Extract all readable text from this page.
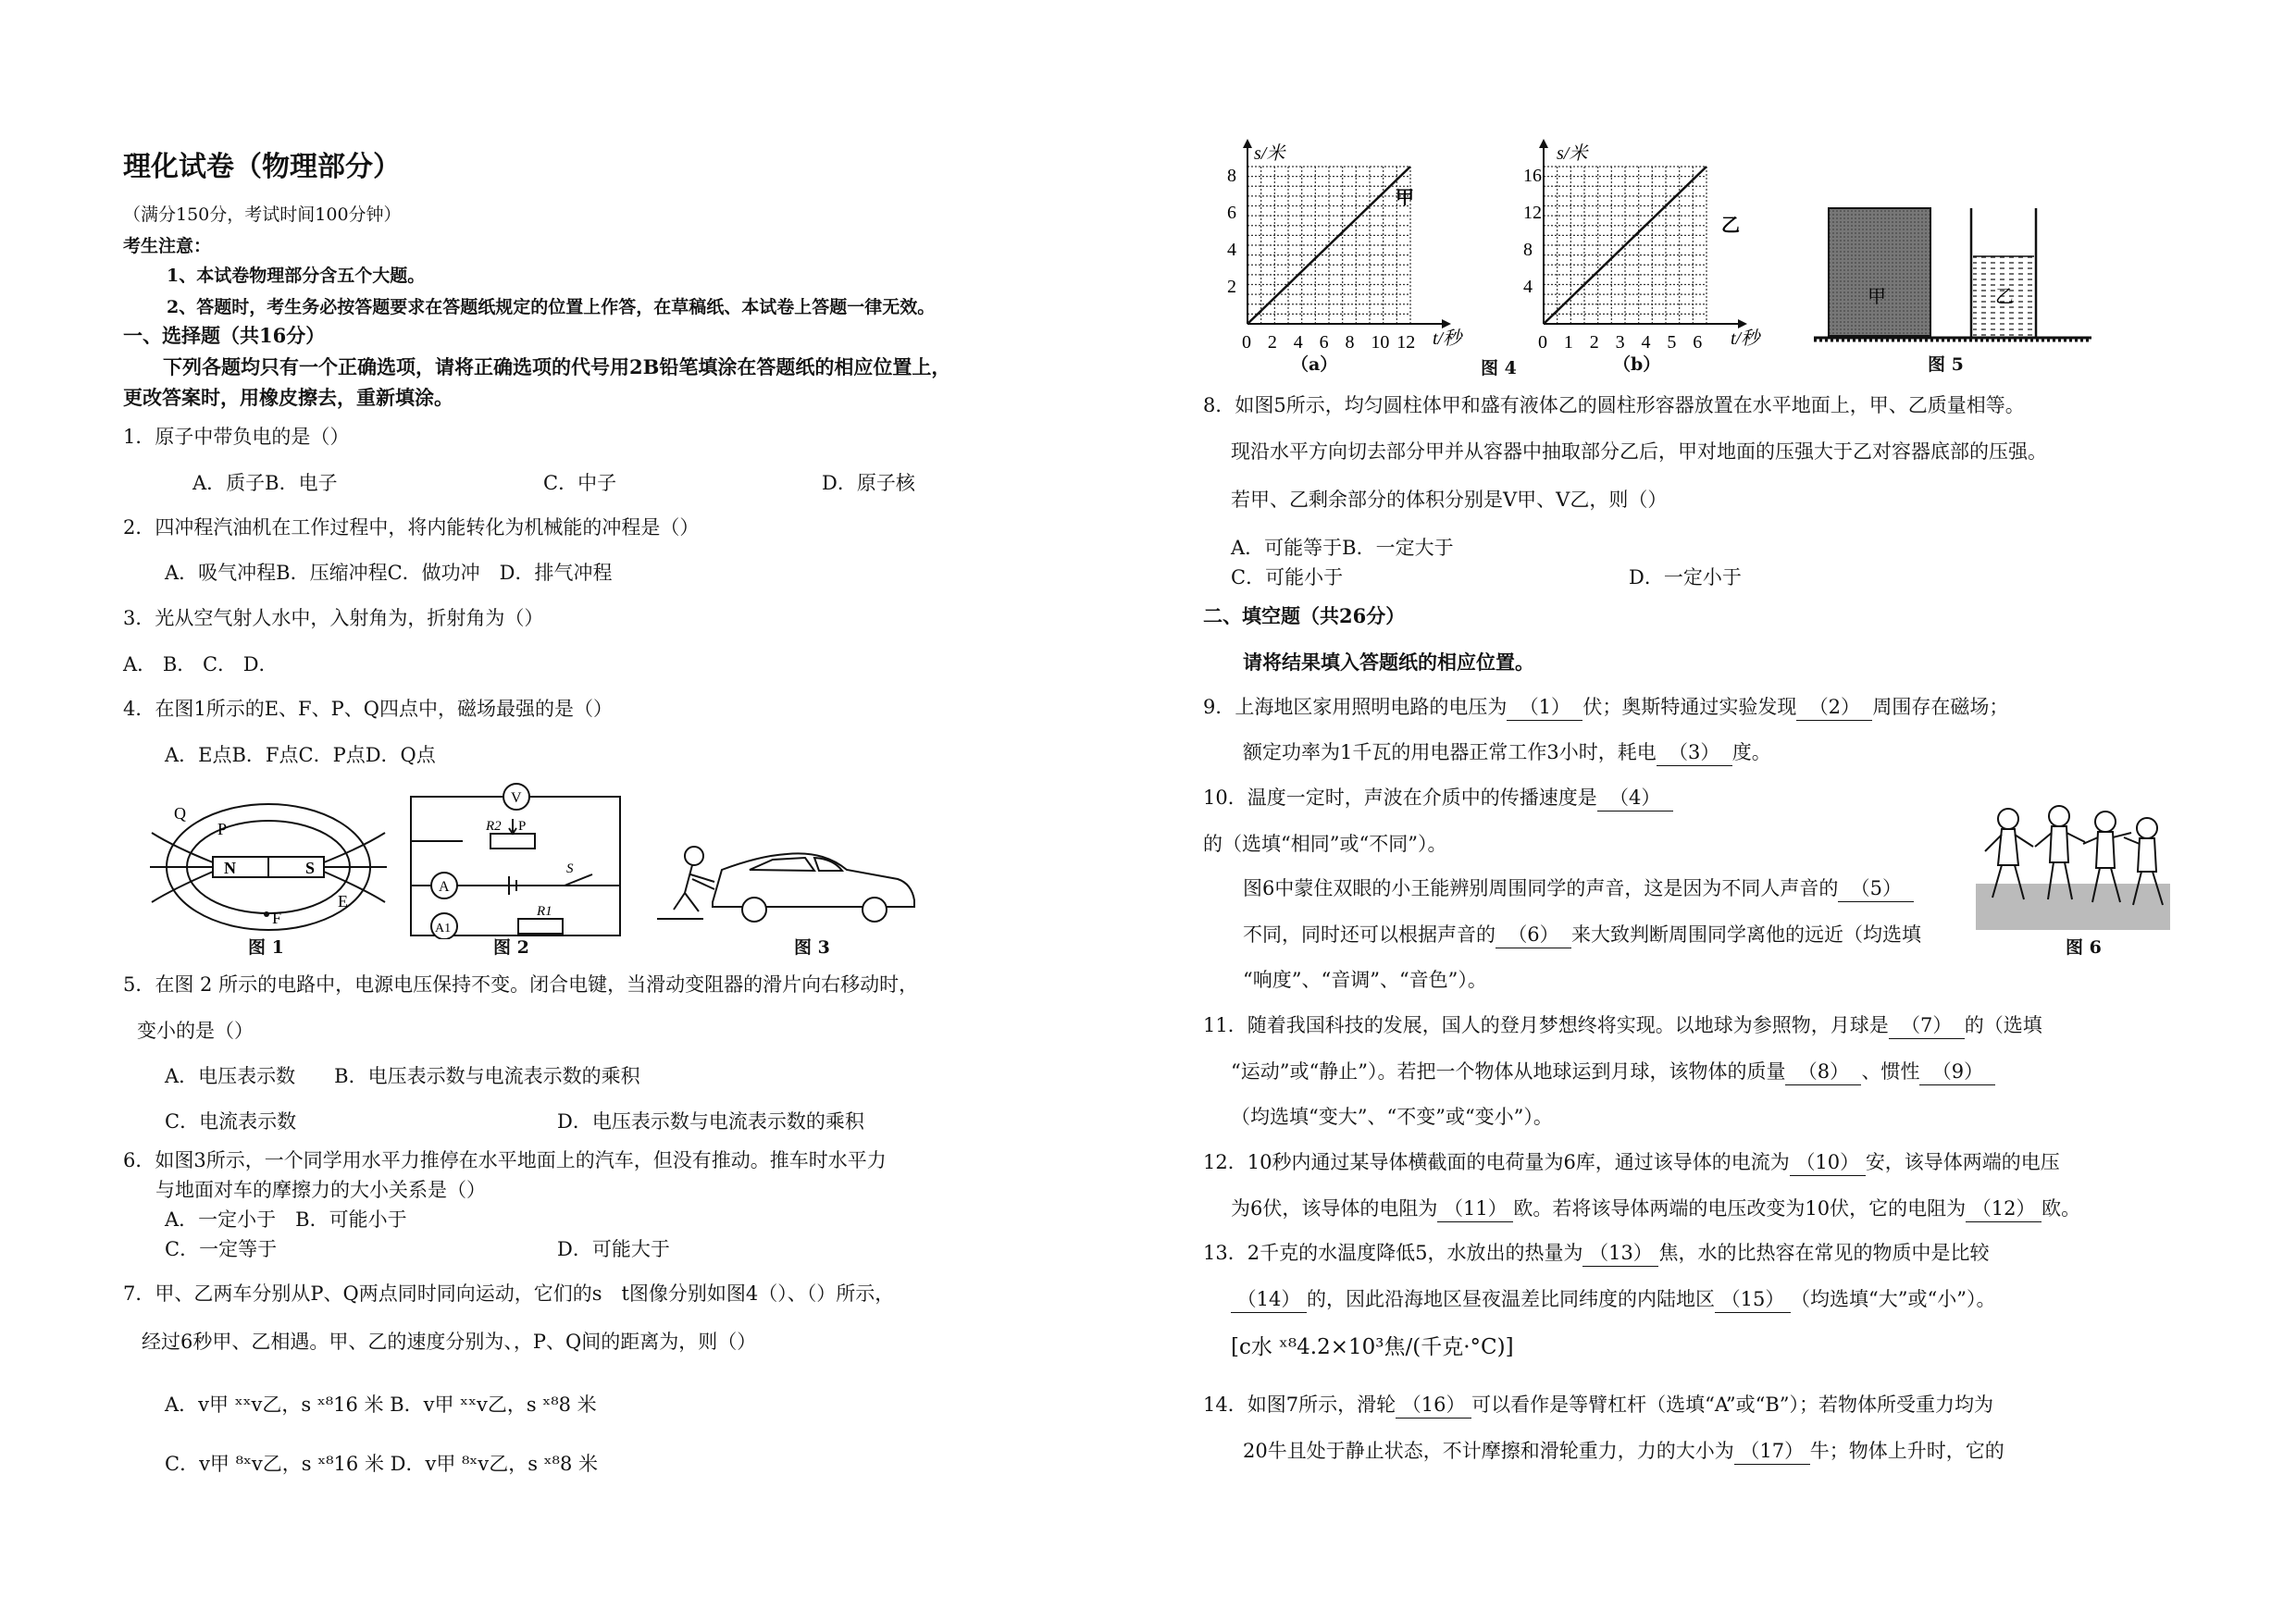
理化试卷（物理部分）
（满分150分，考试时间100分钟）
考生注意：
1、本试卷物理部分含五个大题。
2、答题时，考生务必按答题要求在答题纸规定的位置上作答，在草稿纸、本试卷上答题一律无效。
一、选择题（共16分）
下列各题均只有一个正确选项，请将正确选项的代号用2B铅笔填涂在答题纸的相应位置上，
更改答案时，用橡皮擦去，重新填涂。
1．原子中带负电的是（）
A．质子B．电子	C．中子	D．原子核
2．四冲程汽油机在工作过程中，将内能转化为机械能的冲程是（）
A．吸气冲程B．压缩冲程C．做功冲　D．排气冲程
3．光从空气射人水中，入射角为，折射角为（）
A． B． C． D．
4．在图1所示的E、F、P、Q四点中，磁场最强的是（）
A．E点B．F点C．P点D．Q点
N	S
Q
P
F
E
图 1
V
R2 P
A
S
A1
R1
图 2	图 3
5．在图 2 所示的电路中，电源电压保持不变。闭合电键，当滑动变阻器的滑片向右移动时，
变小的是（）
A．电压表示数　　B．电压表示数与电流表示数的乘积
C．电流表示数	D．电压表示数与电流表示数的乘积
6．如图3所示，一个同学用水平力推停在水平地面上的汽车，但没有推动。推车时水平力
与地面对车的摩擦力的大小关系是（）
A．一定小于　B．可能小于
C．一定等于	D．可能大于
7．甲、乙两车分别从P、Q两点同时同向运动，它们的s　t图像分别如图4（）、（）所示，
经过6秒甲、乙相遇。甲、乙的速度分别为、，P、Q间的距离为，则（）
A．v甲 ˣˣv乙，s ˣ⁸16 米 B．v甲 ˣˣv乙，s ˣ⁸8 米
C．v甲 ⁸ˣv乙，s ˣ⁸16 米 D．v甲 ⁸ˣv乙，s ˣ⁸8 米
2
4
6
8
0 2 4 6 8 10 12
s/米
t/秒
甲
（a）
4
8
12
16
0 1 2 3 4 5 6
s/米
t/秒
乙
（b）
图 4
甲	乙
图 5
8．如图5所示，均匀圆柱体甲和盛有液体乙的圆柱形容器放置在水平地面上，甲、乙质量相等。
现沿水平方向切去部分甲并从容器中抽取部分乙后，甲对地面的压强大于乙对容器底部的压强。
若甲、乙剩余部分的体积分别是V甲、V乙，则（）
A．可能等于B．一定大于
C．可能小于	D．一定小于
二、填空题（共26分）
请将结果填入答题纸的相应位置。
9．上海地区家用照明电路的电压为 （1） 伏；奥斯特通过实验发现 （2） 周围存在磁场；
额定功率为1千瓦的用电器正常工作3小时，耗电 （3） 度。
10．温度一定时，声波在介质中的传播速度是 （4）
的（选填“相同”或“不同”）。
图6中蒙住双眼的小王能辨别周围同学的声音，这是因为不同人声音的 （5）
不同，同时还可以根据声音的 （6） 来大致判断周围同学离他的远近（均选填
“响度”、“音调”、“音色”）。
图 6
11．随着我国科技的发展，国人的登月梦想终将实现。以地球为参照物，月球是 （7） 的（选填
“运动”或“静止”）。若把一个物体从地球运到月球，该物体的质量 （8） 、惯性 （9）
（均选填“变大”、“不变”或“变小”）。
12．10秒内通过某导体横截面的电荷量为6库，通过该导体的电流为 （10） 安，该导体两端的电压
为6伏，该导体的电阻为 （11） 欧。若将该导体两端的电压改变为10伏，它的电阻为 （12） 欧。
13．2千克的水温度降低5，水放出的热量为 （13） 焦，水的比热容在常见的物质中是比较
（14） 的，因此沿海地区昼夜温差比同纬度的内陆地区 （15） （均选填“大”或“小”）。
[c水 ˣ⁸4.2×10³焦/(千克·°C)]
14．如图7所示，滑轮 （16） 可以看作是等臂杠杆（选填“A”或“B”）；若物体所受重力均为
20牛且处于静止状态，不计摩擦和滑轮重力，力的大小为 （17） 牛；物体上升时，它的
